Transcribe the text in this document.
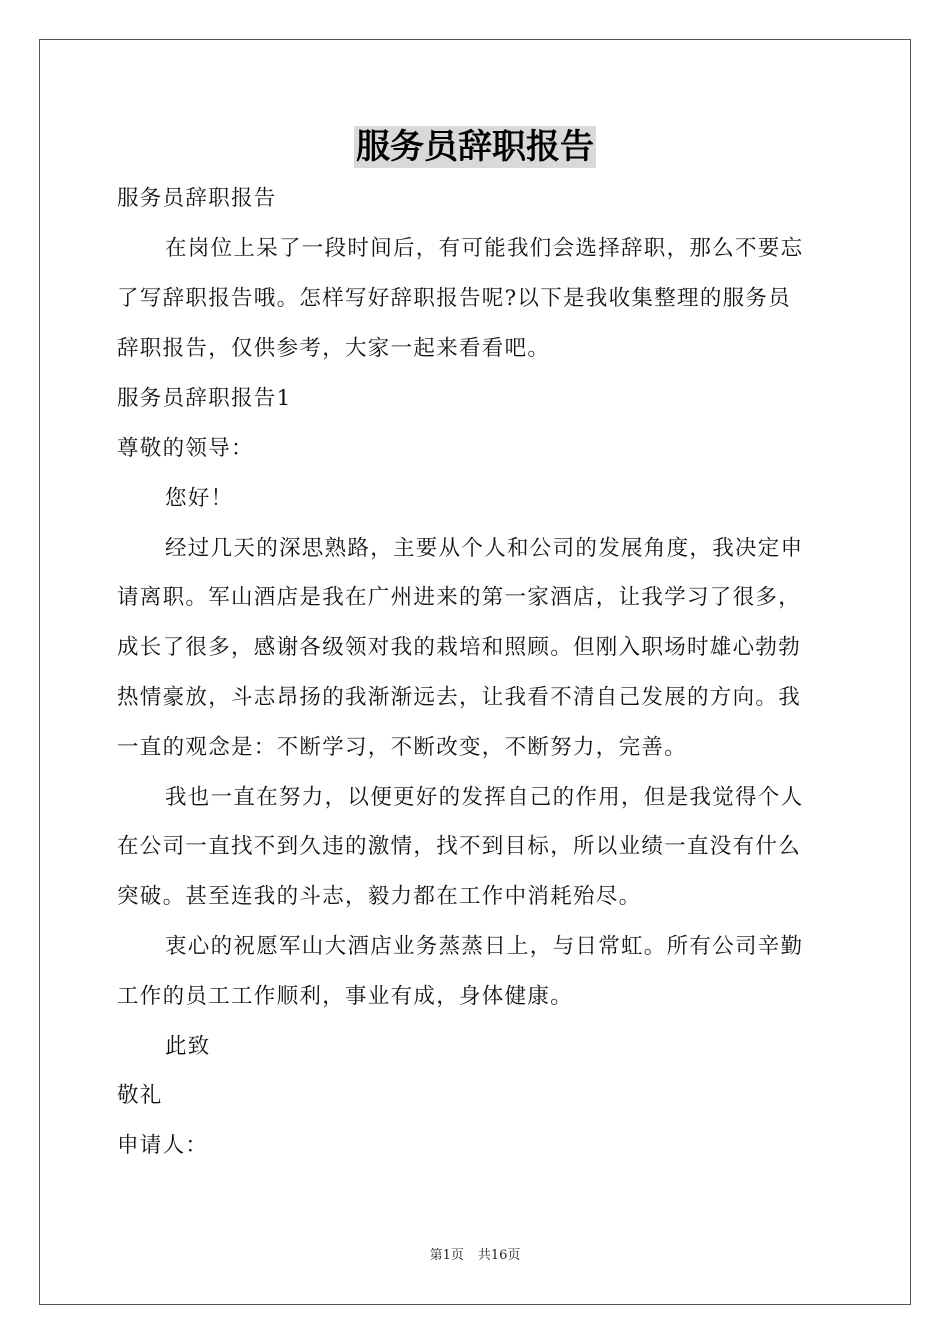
服务员辞职报告
服务员辞职报告
在岗位上呆了一段时间后，有可能我们会选择辞职，那么不要忘
了写辞职报告哦。怎样写好辞职报告呢?以下是我收集整理的服务员
辞职报告，仅供参考，大家一起来看看吧。
服务员辞职报告1
尊敬的领导：
您好！
经过几天的深思熟路，主要从个人和公司的发展角度，我决定申
请离职。军山酒店是我在广州进来的第一家酒店，让我学习了很多，
成长了很多，感谢各级领对我的栽培和照顾。但刚入职场时雄心勃勃
热情豪放，斗志昂扬的我渐渐远去，让我看不清自己发展的方向。我
一直的观念是：不断学习，不断改变，不断努力，完善。
我也一直在努力，以便更好的发挥自己的作用，但是我觉得个人
在公司一直找不到久违的激情，找不到目标，所以业绩一直没有什么
突破。甚至连我的斗志，毅力都在工作中消耗殆尽。
衷心的祝愿军山大酒店业务蒸蒸日上，与日常虹。所有公司辛勤
工作的员工工作顺利，事业有成，身体健康。
此致
敬礼
申请人：
第1页 共16页
